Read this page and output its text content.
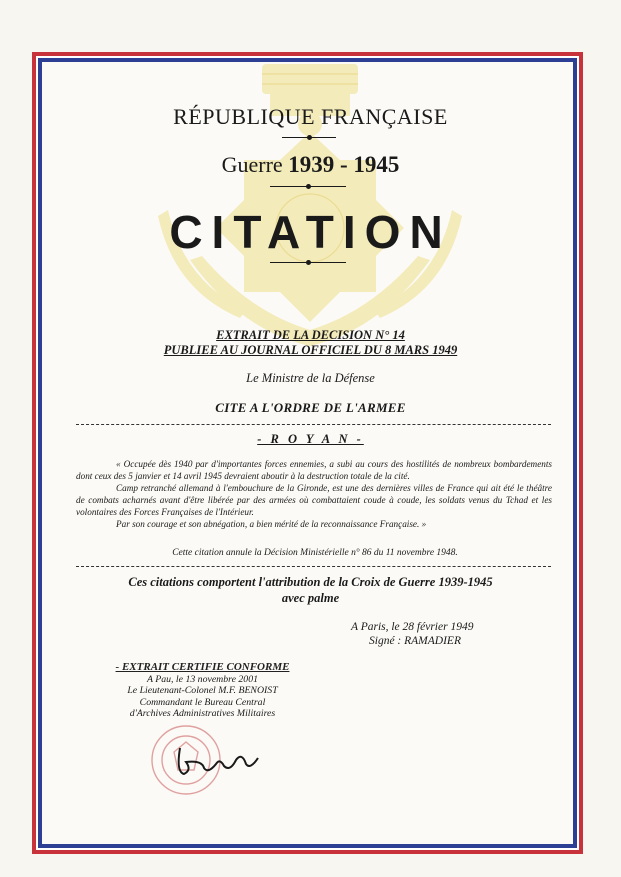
RÉPUBLIQUE FRANÇAISE
Guerre 1939 - 1945
CITATION
EXTRAIT DE LA DECISION N° 14
PUBLIEE AU JOURNAL OFFICIEL DU 8 MARS 1949
Le Ministre de la Défense
CITE A L'ORDRE DE L'ARMEE
- R O Y A N -
« Occupée dès 1940 par d'importantes forces ennemies, a subi au cours des hostilités de nombreux bombardements dont ceux des 5 janvier et 14 avril 1945 devraient aboutir à la destruction totale de la cité.
Camp retranché allemand à l'embouchure de la Gironde, est une des dernières villes de France qui ait été le théâtre de combats acharnés avant d'être libérée par des armées où combattaient coude à coude, les soldats venus du Tchad et les volontaires des Forces Françaises de l'Intérieur.
Par son courage et son abnégation, a bien mérité de la reconnaissance Française. »
Cette citation annule la Décision Ministérielle n° 86 du 11 novembre 1948.
Ces citations comportent l'attribution de la Croix de Guerre 1939-1945
avec palme
A Paris, le 28 février 1949
Signé : RAMADIER
- EXTRAIT CERTIFIE CONFORME
A Pau, le 13 novembre 2001
Le Lieutenant-Colonel M.F. BENOIST
Commandant le Bureau Central
d'Archives Administratives Militaires
